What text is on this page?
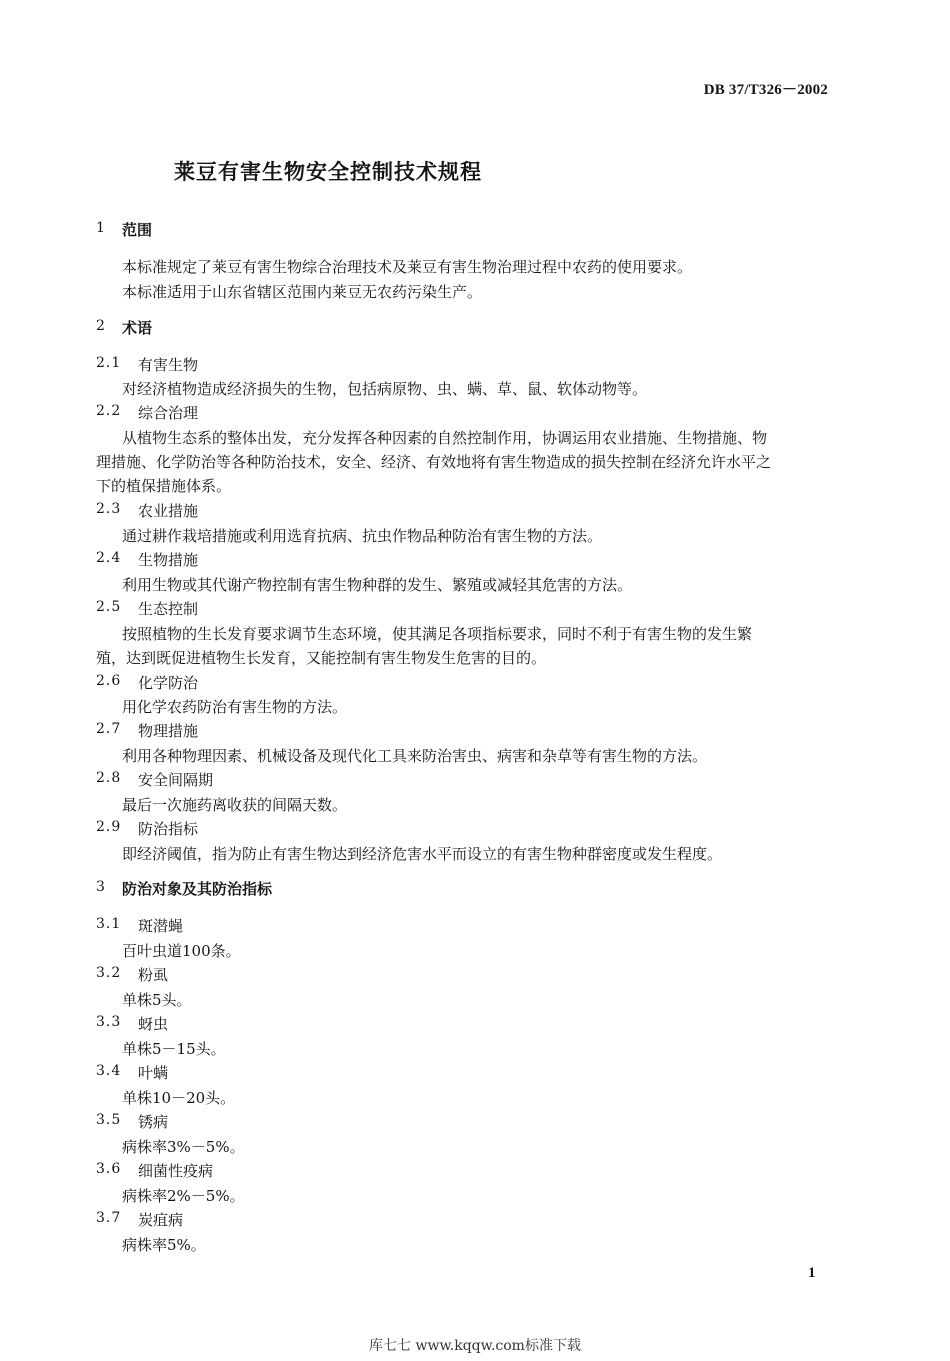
DB 37/T326－2002
莱豆有害生物安全控制技术规程
1 范围
本标准规定了莱豆有害生物综合治理技术及莱豆有害生物治理过程中农药的使用要求。
本标准适用于山东省辖区范围内莱豆无农药污染生产。
2 术语
2.1 有害生物
对经济植物造成经济损失的生物，包括病原物、虫、螨、草、鼠、软体动物等。
2.2 综合治理
从植物生态系的整体出发，充分发挥各种因素的自然控制作用，协调运用农业措施、生物措施、物
理措施、化学防治等各种防治技术，安全、经济、有效地将有害生物造成的损失控制在经济允许水平之
下的植保措施体系。
2.3 农业措施
通过耕作栽培措施或利用选育抗病、抗虫作物品种防治有害生物的方法。
2.4 生物措施
利用生物或其代谢产物控制有害生物种群的发生、繁殖或减轻其危害的方法。
2.5 生态控制
按照植物的生长发育要求调节生态环境，使其满足各项指标要求，同时不利于有害生物的发生繁
殖，达到既促进植物生长发育，又能控制有害生物发生危害的目的。
2.6 化学防治
用化学农药防治有害生物的方法。
2.7 物理措施
利用各种物理因素、机械设备及现代化工具来防治害虫、病害和杂草等有害生物的方法。
2.8 安全间隔期
最后一次施药离收获的间隔天数。
2.9 防治指标
即经济阈值，指为防止有害生物达到经济危害水平而设立的有害生物种群密度或发生程度。
3 防治对象及其防治指标
3.1 斑潜蝇
百叶虫道100条。
3.2 粉虱
单株5头。
3.3 蚜虫
单株5－15头。
3.4 叶螨
单株10－20头。
3.5 锈病
病株率3%－5%。
3.6 细菌性疫病
病株率2%－5%。
3.7 炭疽病
病株率5%。
1
库七七 www.kqqw.com标准下载
